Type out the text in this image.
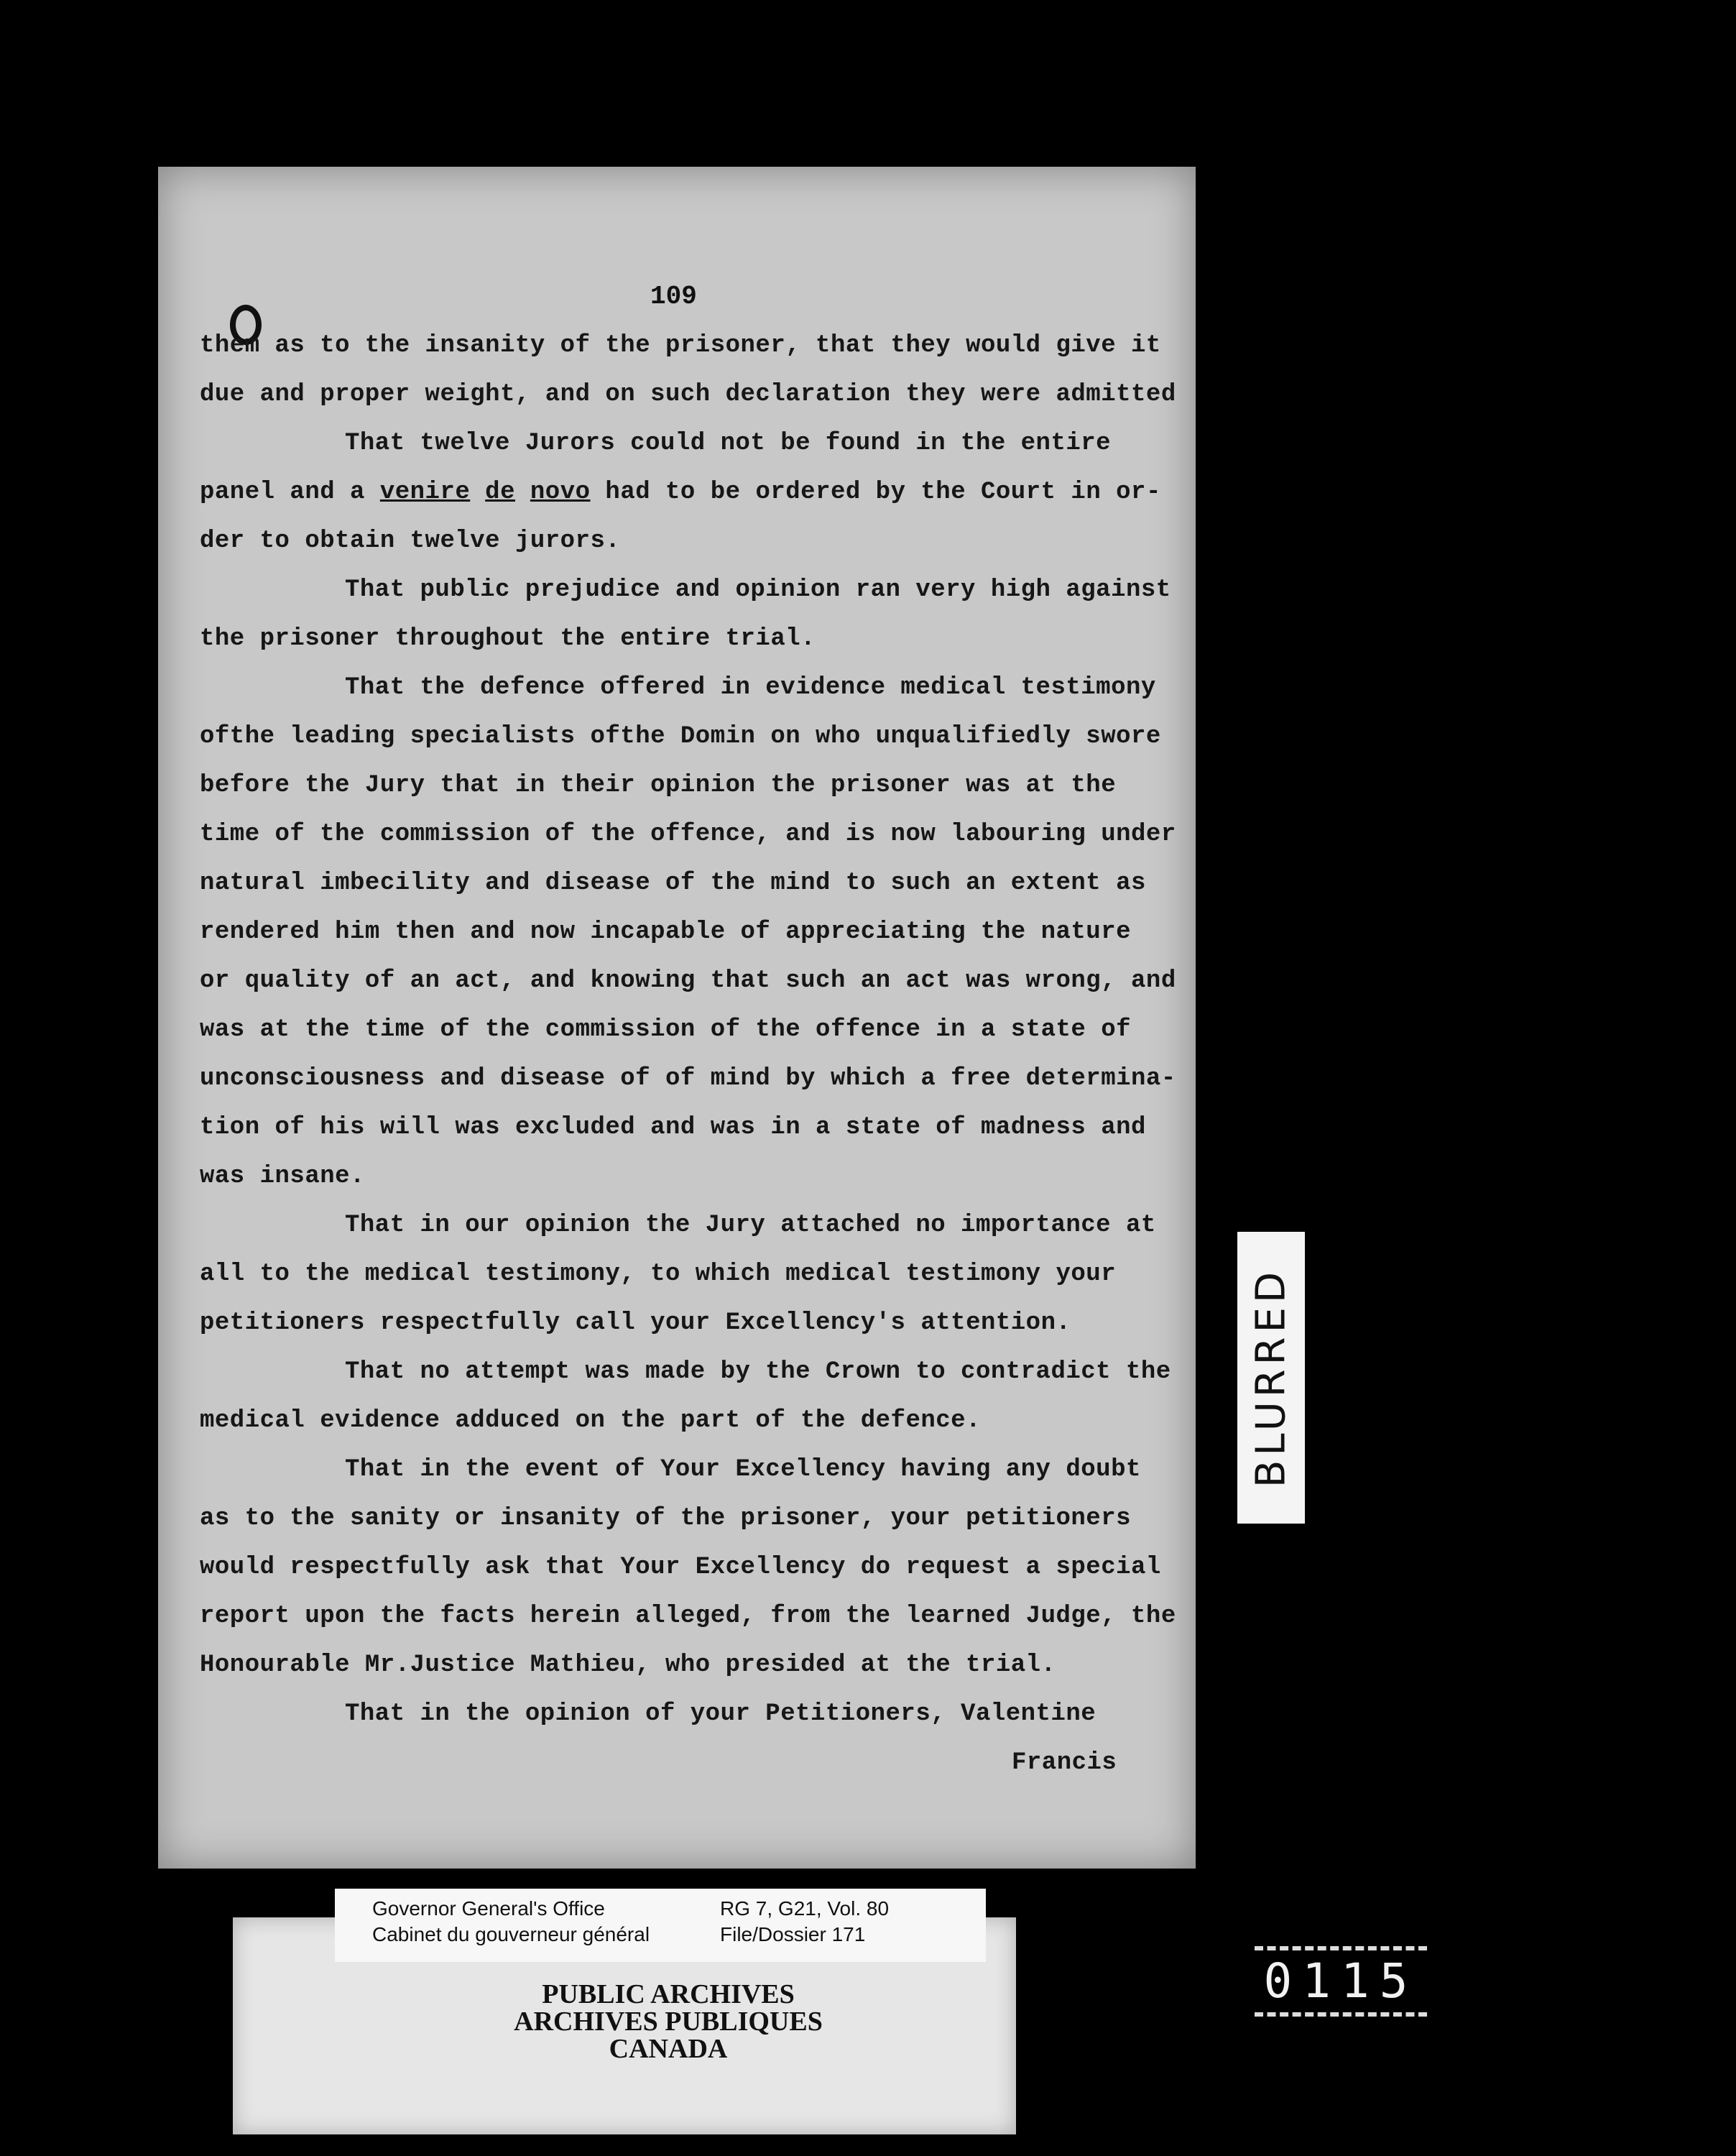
109
them as to the insanity of the prisoner, that they would give it
due and proper weight, and on such declaration they were admitted
That twelve Jurors could not be found in the entire
panel and a venire de novo had to be ordered by the Court in or-
der to obtain twelve jurors.
That public prejudice and opinion ran very high against
the prisoner throughout the entire trial.
That the defence offered in evidence medical testimony
ofthe leading specialists ofthe Domin on who unqualifiedly swore
before the Jury that in their opinion the prisoner was at the
time of the commission of the offence, and is now labouring under
natural imbecility and disease of the mind to such an extent as
rendered him then and now incapable of appreciating the nature
or quality of an act, and knowing that such an act was wrong, and
was at the time of the commission of the offence in a state of
unconsciousness and disease of of mind by which a free determina-
tion of his will was excluded and was in a state of madness and
was insane.
That in our opinion the Jury attached no importance at
all to the medical testimony, to which medical testimony your
petitioners respectfully call your Excellency's attention.
That no attempt was made by the Crown to contradict the
medical evidence adduced on the part of the defence.
That in the event of Your Excellency having any doubt
as to the sanity or insanity of the prisoner, your petitioners
would respectfully ask that Your Excellency do request a special
report upon the facts herein alleged, from the learned Judge, the
Honourable Mr.Justice Mathieu, who presided at the trial.
That in the opinion of your Petitioners, Valentine
Francis
BLURRED
Governor General's Office
Cabinet du gouverneur général
RG 7, G21, Vol. 80
File/Dossier 171
PUBLIC ARCHIVES
ARCHIVES PUBLIQUES
CANADA
0115
